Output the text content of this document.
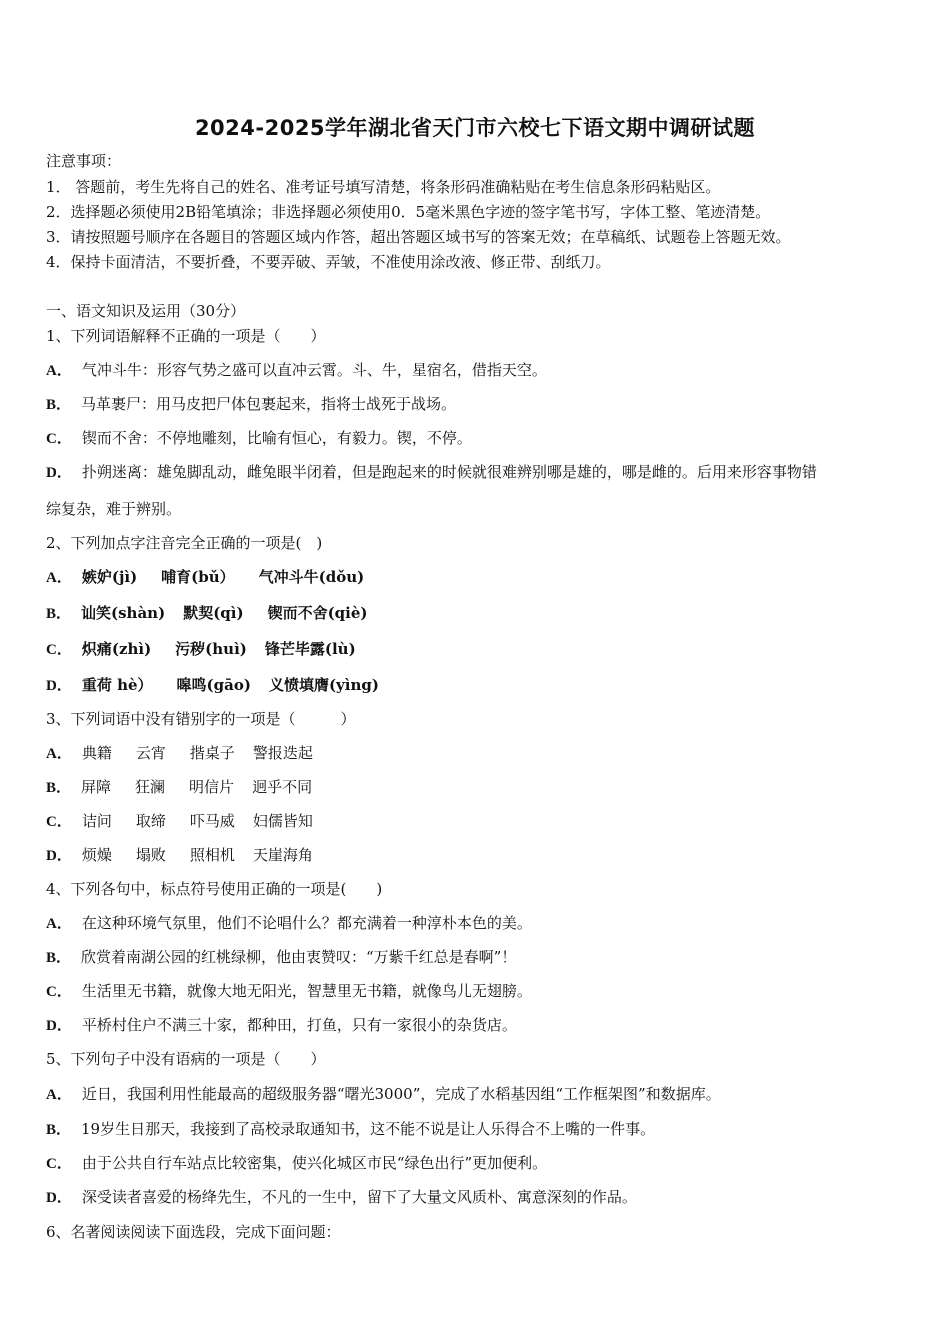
2024-2025学年湖北省天门市六校七下语文期中调研试题
注意事项：
1． 答题前，考生先将自己的姓名、准考证号填写清楚，将条形码准确粘贴在考生信息条形码粘贴区。
2．选择题必须使用2B铅笔填涂；非选择题必须使用0．5毫米黑色字迹的签字笔书写，字体工整、笔迹清楚。
3．请按照题号顺序在各题目的答题区域内作答，超出答题区域书写的答案无效；在草稿纸、试题卷上答题无效。
4．保持卡面清洁，不要折叠，不要弄破、弄皱，不准使用涂改液、修正带、刮纸刀。
一、语文知识及运用（30分）
1、下列词语解释不正确的一项是（　　）
A． 气冲斗牛：形容气势之盛可以直冲云霄。斗、牛，星宿名，借指天空。
B． 马革裹尸：用马皮把尸体包裹起来，指将士战死于战场。
C． 锲而不舍：不停地雕刻，比喻有恒心，有毅力。锲，不停。
D． 扑朔迷离：雄兔脚乱动，雌兔眼半闭着，但是跑起来的时候就很难辨别哪是雄的，哪是雌的。后用来形容事物错
综复杂，难于辨别。
2、下列加点字注音完全正确的一项是(　)
A． 嫉妒(jì) 哺育(bǔ） 气冲斗牛(dǒu)
B． 讪笑(shàn) 默契(qì) 锲而不舍(qiè)
C． 炽痛(zhì) 污秽(huì) 锋芒毕露(lù)
D． 重荷 hè） 嗥鸣(gāo) 义愤填膺(yìng)
3、下列词语中没有错别字的一项是（　　　）
A． 典籍 云宵 揩桌子 警报迭起
B． 屏障 狂澜 明信片 迥乎不同
C． 诘问 取缔 吓马威 妇儒皆知
D． 烦燥 塌败 照相机 天崖海角
4、下列各句中，标点符号使用正确的一项是(　　)
A． 在这种环境气氛里，他们不论唱什么？都充满着一种淳朴本色的美。
B． 欣赏着南湖公园的红桃绿柳，他由衷赞叹：“万紫千红总是春啊”！
C． 生活里无书籍，就像大地无阳光，智慧里无书籍，就像鸟儿无翅膀。
D． 平桥村住户不满三十家，都种田，打鱼，只有一家很小的杂货店。
5、下列句子中没有语病的一项是（　　）
A． 近日，我国利用性能最高的超级服务器“曙光3000”，完成了水稻基因组“工作框架图”和数据库。
B． 19岁生日那天，我接到了高校录取通知书，这不能不说是让人乐得合不上嘴的一件事。
C． 由于公共自行车站点比较密集，使兴化城区市民“绿色出行”更加便利。
D． 深受读者喜爱的杨绛先生，不凡的一生中，留下了大量文风质朴、寓意深刻的作品。
6、名著阅读阅读下面选段，完成下面问题：
